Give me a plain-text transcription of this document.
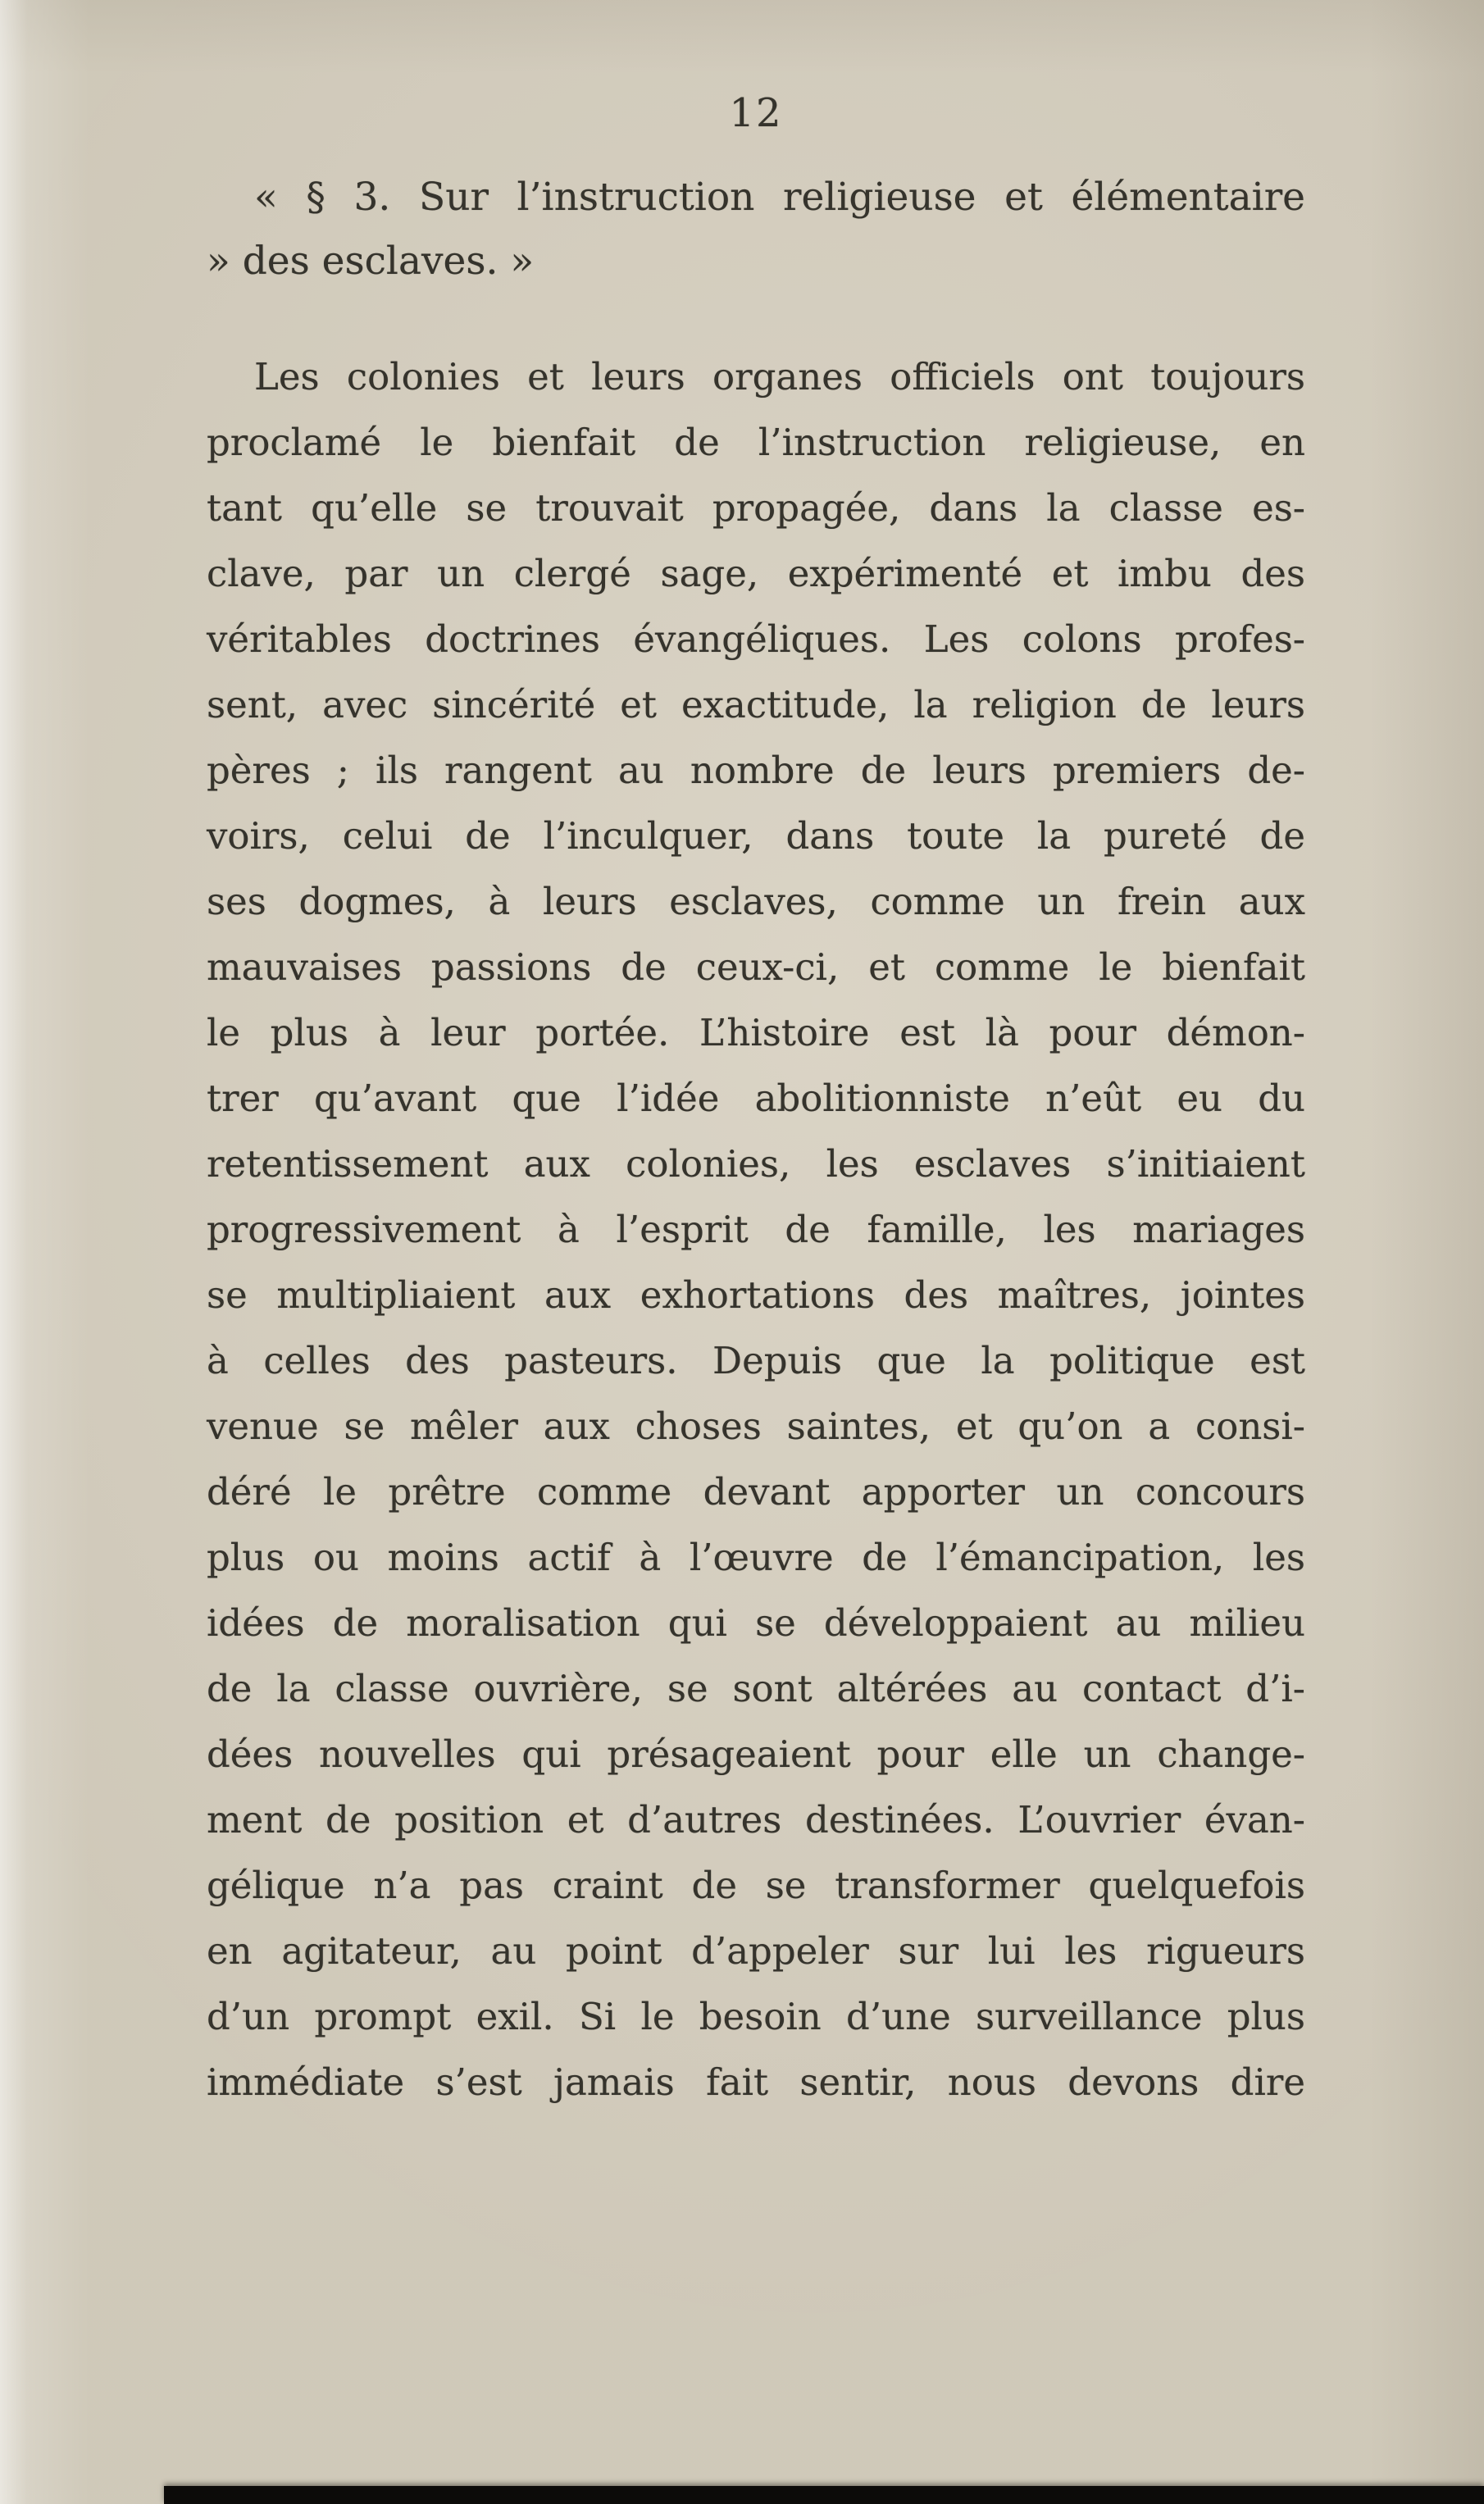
12
« § 3. Sur l’instruction religieuse et élémentaire
» des esclaves. »
Les colonies et leurs organes officiels ont toujours
proclamé le bienfait de l’instruction religieuse, en
tant qu’elle se trouvait propagée, dans la classe es-
clave, par un clergé sage, expérimenté et imbu des
véritables doctrines évangéliques. Les colons profes-
sent, avec sincérité et exactitude, la religion de leurs
pères ; ils rangent au nombre de leurs premiers de-
voirs, celui de l’inculquer, dans toute la pureté de
ses dogmes, à leurs esclaves, comme un frein aux
mauvaises passions de ceux-ci, et comme le bienfait
le plus à leur portée. L’histoire est là pour démon-
trer qu’avant que l’idée abolitionniste n’eût eu du
retentissement aux colonies, les esclaves s’initiaient
progressivement à l’esprit de famille, les mariages
se multipliaient aux exhortations des maîtres, jointes
à celles des pasteurs. Depuis que la politique est
venue se mêler aux choses saintes, et qu’on a consi-
déré le prêtre comme devant apporter un concours
plus ou moins actif à l’œuvre de l’émancipation, les
idées de moralisation qui se développaient au milieu
de la classe ouvrière, se sont altérées au contact d’i-
dées nouvelles qui présageaient pour elle un change-
ment de position et d’autres destinées. L’ouvrier évan-
gélique n’a pas craint de se transformer quelquefois
en agitateur, au point d’appeler sur lui les rigueurs
d’un prompt exil. Si le besoin d’une surveillance plus
immédiate s’est jamais fait sentir, nous devons dire
